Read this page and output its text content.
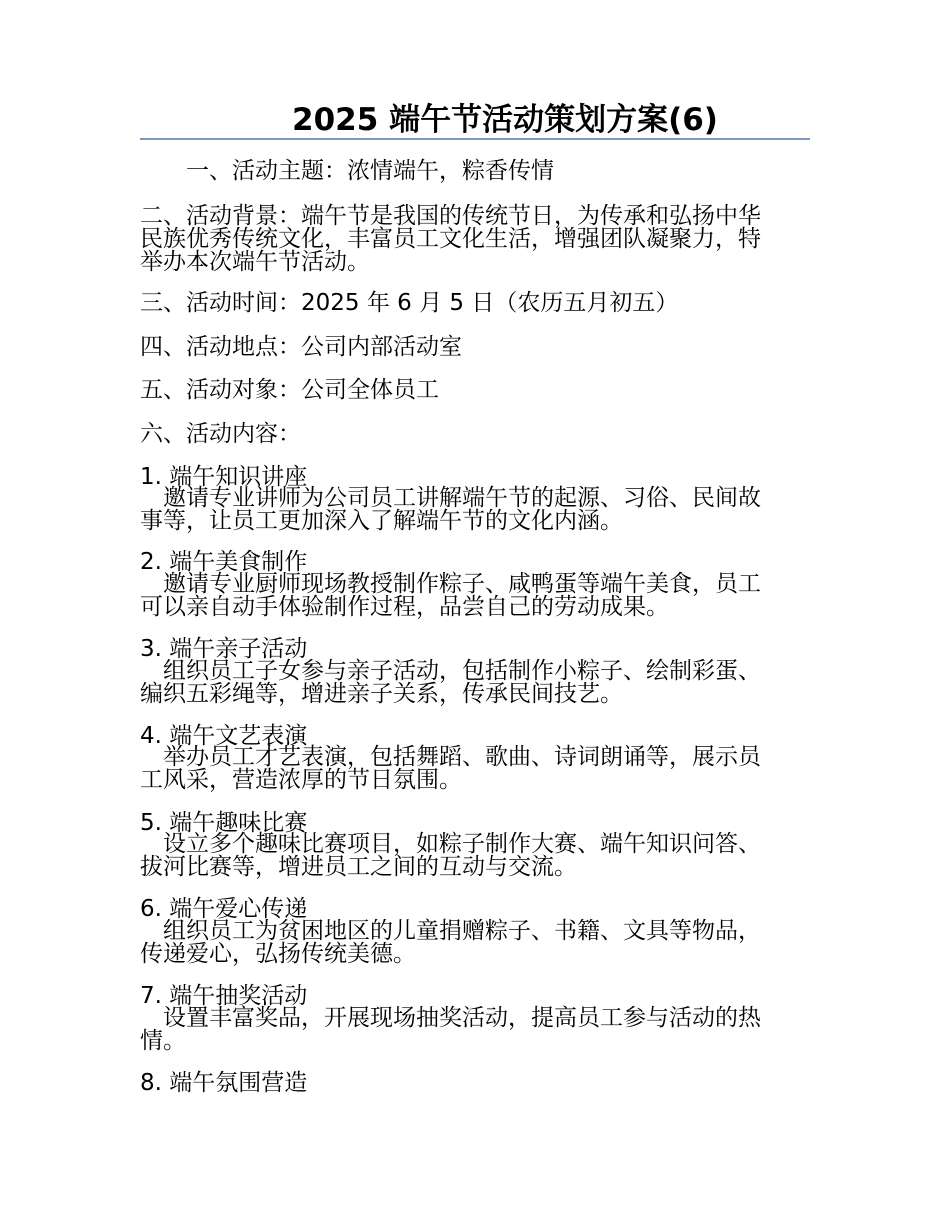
2025 端午节活动策划方案(6)
一、活动主题：浓情端午，粽香传情
二、活动背景：端午节是我国的传统节日，为传承和弘扬中华
民族优秀传统文化，丰富员工文化生活，增强团队凝聚力，特
举办本次端午节活动。
三、活动时间：2025 年 6 月 5 日（农历五月初五）
四、活动地点：公司内部活动室
五、活动对象：公司全体员工
六、活动内容：
1. 端午知识讲座
邀请专业讲师为公司员工讲解端午节的起源、习俗、民间故
事等，让员工更加深入了解端午节的文化内涵。
2. 端午美食制作
邀请专业厨师现场教授制作粽子、咸鸭蛋等端午美食，员工
可以亲自动手体验制作过程，品尝自己的劳动成果。
3. 端午亲子活动
组织员工子女参与亲子活动，包括制作小粽子、绘制彩蛋、
编织五彩绳等，增进亲子关系，传承民间技艺。
4. 端午文艺表演
举办员工才艺表演，包括舞蹈、歌曲、诗词朗诵等，展示员
工风采，营造浓厚的节日氛围。
5. 端午趣味比赛
设立多个趣味比赛项目，如粽子制作大赛、端午知识问答、
拔河比赛等，增进员工之间的互动与交流。
6. 端午爱心传递
组织员工为贫困地区的儿童捐赠粽子、书籍、文具等物品，
传递爱心，弘扬传统美德。
7. 端午抽奖活动
设置丰富奖品，开展现场抽奖活动，提高员工参与活动的热
情。
8. 端午氛围营造
